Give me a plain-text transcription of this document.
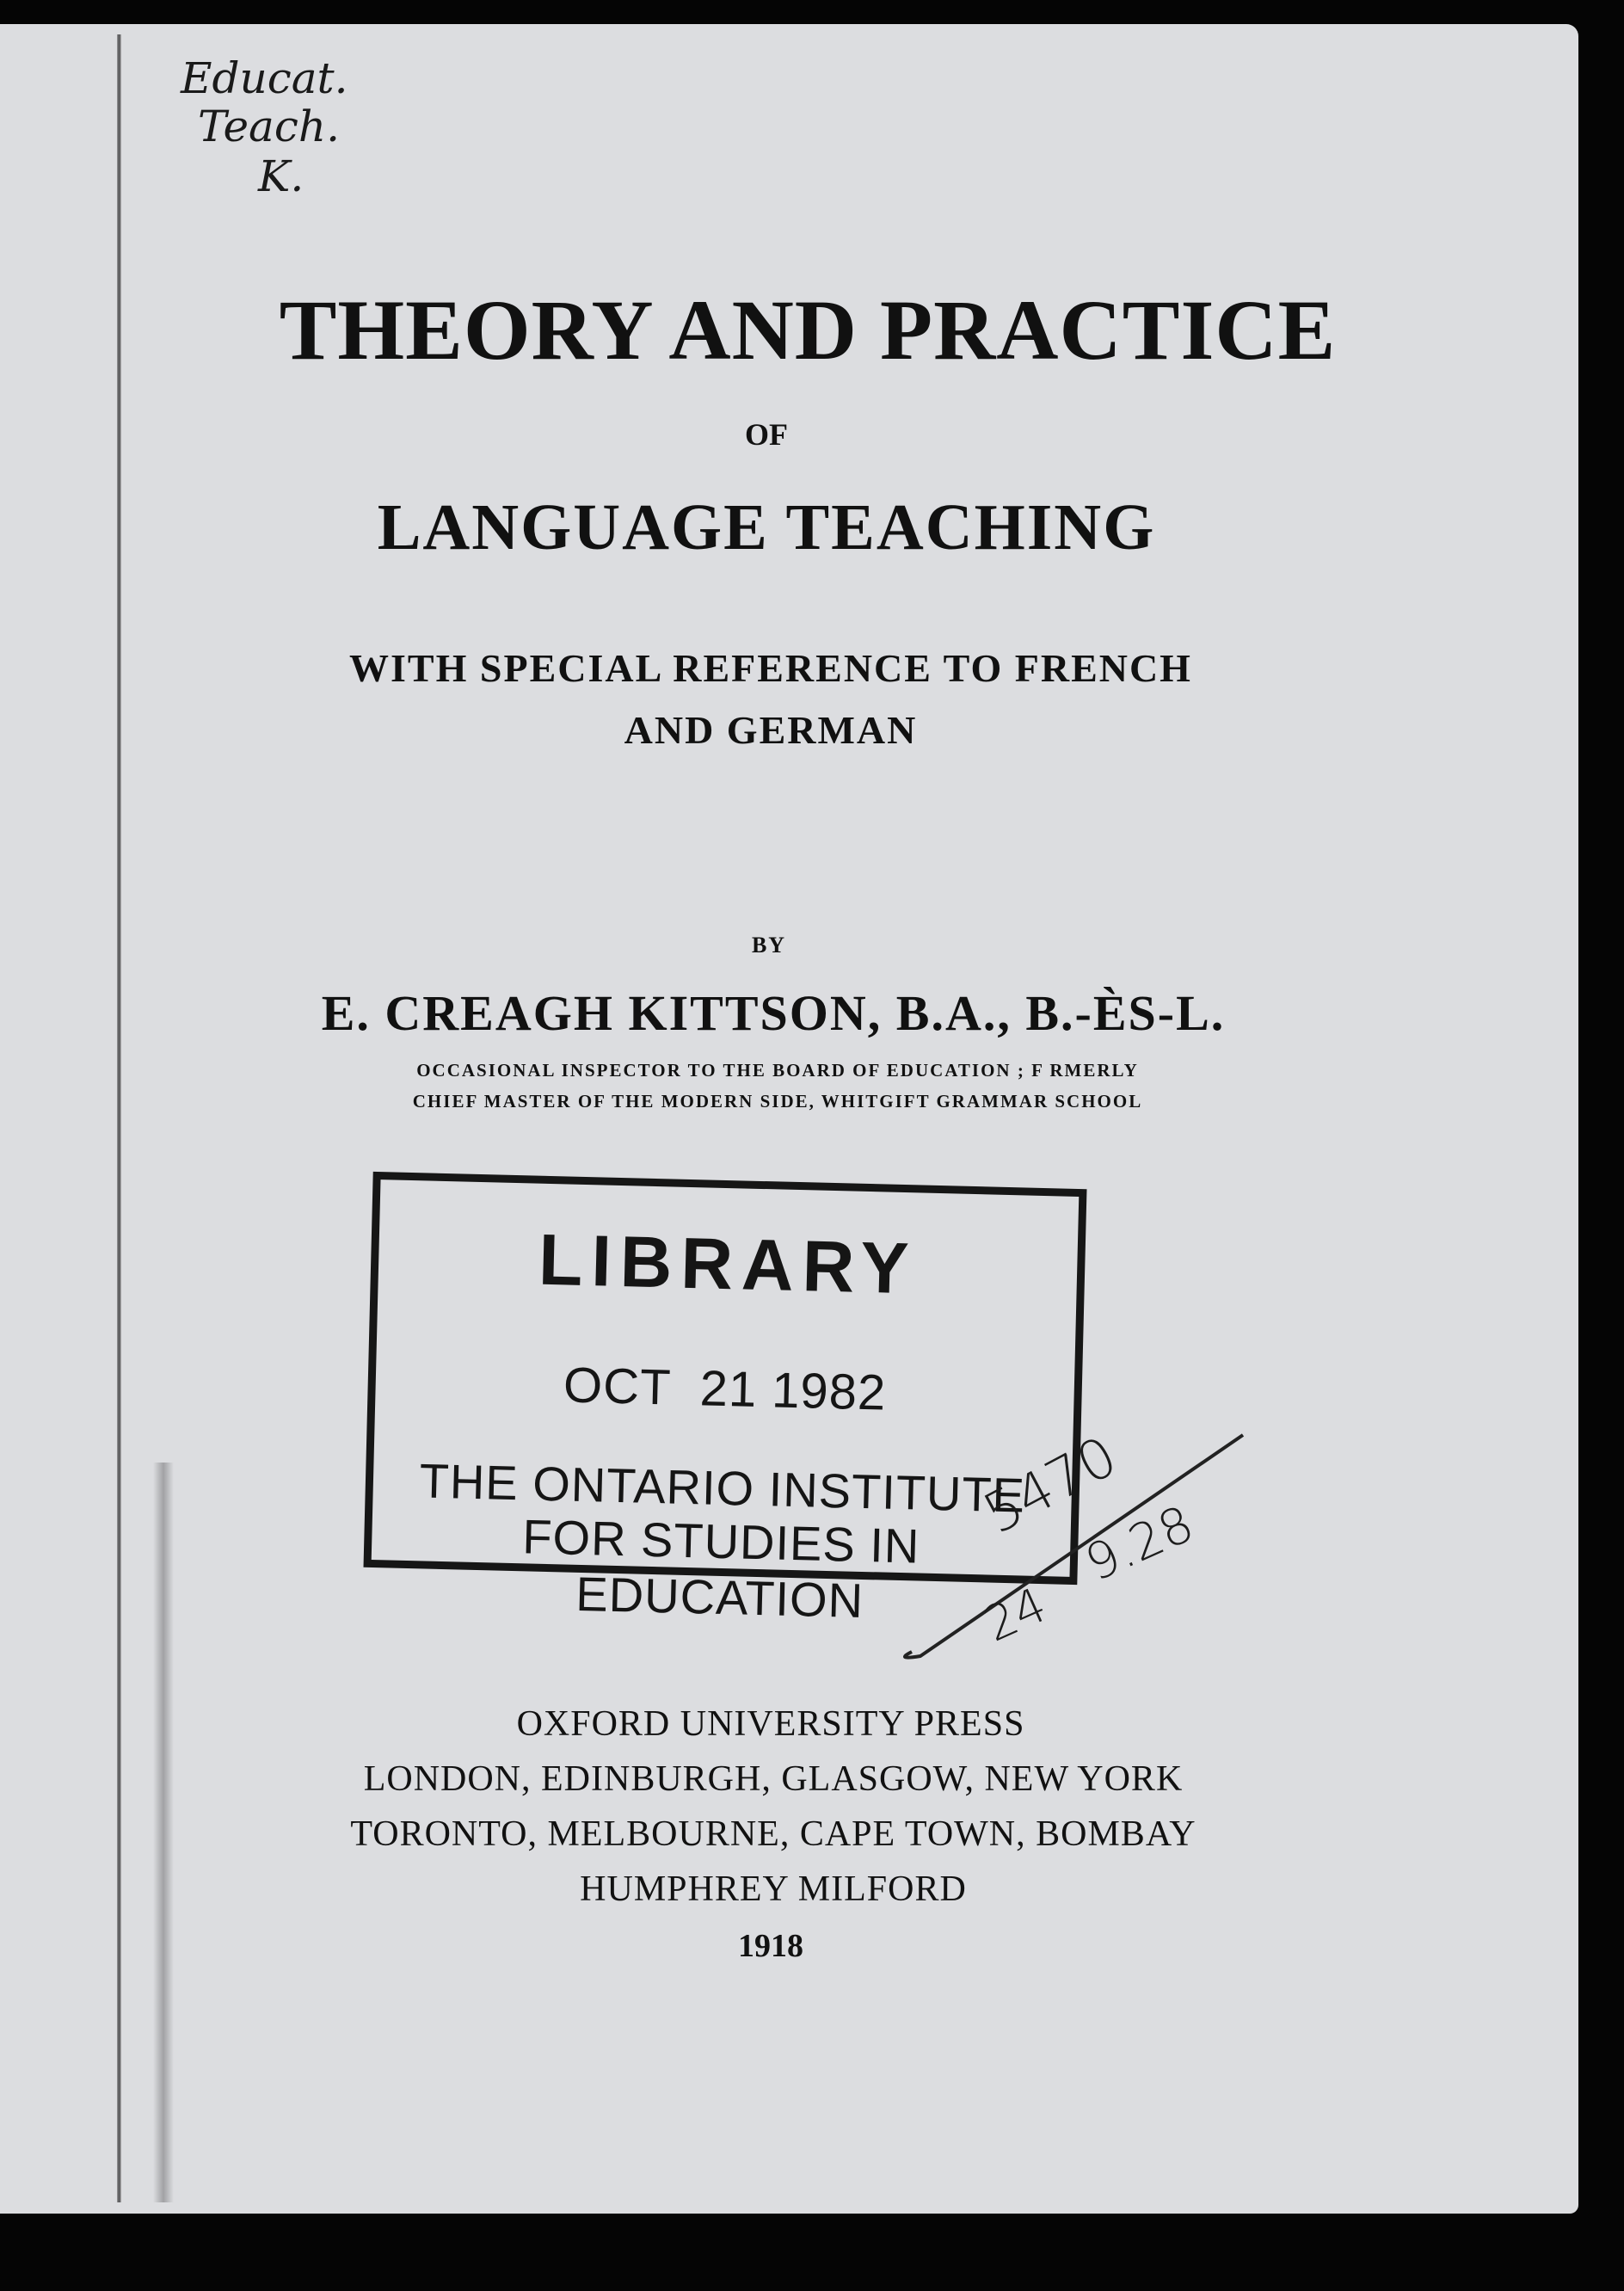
Educat.
Teach.
K.
THEORY AND PRACTICE
OF
LANGUAGE TEACHING
WITH SPECIAL REFERENCE TO FRENCH
AND GERMAN
BY
E. CREAGH KITTSON, B.A., B.-ÈS-L.
OCCASIONAL INSPECTOR TO THE BOARD OF EDUCATION ; F RMERLY
CHIEF MASTER OF THE MODERN SIDE, WHITGIFT GRAMMAR SCHOOL
LIBRARY
OCT  21 1982
THE ONTARIO INSTITUTE
FOR STUDIES IN EDUCATION
5470
9.28
24
OXFORD UNIVERSITY PRESS
LONDON, EDINBURGH, GLASGOW, NEW YORK
TORONTO, MELBOURNE, CAPE TOWN, BOMBAY
HUMPHREY MILFORD
1918
